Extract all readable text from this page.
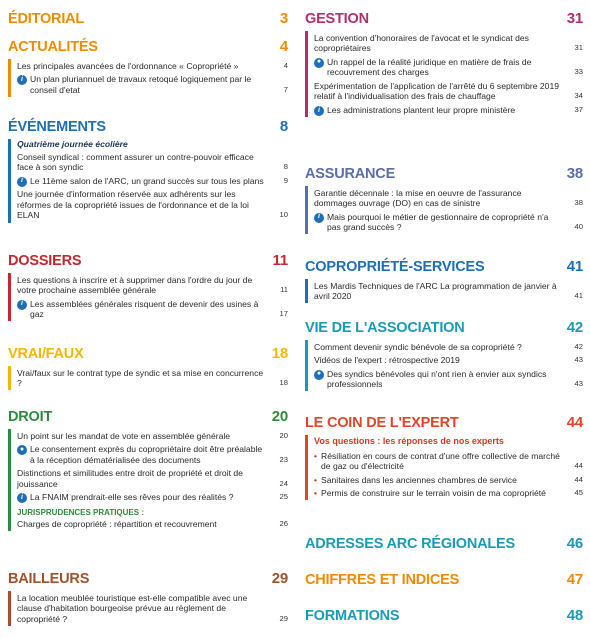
ÉDITORIAL	3
ACTUALITÉS	4
Les principales avancées de l'ordonnance « Copropriété »	4
i Un plan pluriannuel de travaux retoqué logiquement par le conseil d'etat	7
ÉVÉNEMENTS	8
Quatrième journée écolière
Conseil syndical : comment assurer un contre-pouvoir efficace face à son syndic	8
i Le 11ème salon de l'ARC, un grand succès sur tous les plans	9
Une journée d'information réservée aux adhérents sur les réformes de la copropriété issues de l'ordonnance et de la loi ELAN	10
DOSSIERS	11
Les questions à inscrire et à supprimer dans l'ordre du jour de votre prochaine assemblée générale	11
i Les assemblées générales risquent de devenir des usines à gaz	17
VRAI/FAUX	18
Vrai/faux sur le contrat type de syndic et sa mise en concurrence ?	18
DROIT	20
Un point sur les mandat de vote en assemblée générale	20
● Le consentement exprès du copropriétaire doit être préalable à la réception dématérialisée des documents	23
Distinctions et similitudes entre droit de propriété et droit de jouissance	24
i La FNAIM prendrait-elle ses rêves pour des réalités ?	25
JURISPRUDENCES PRATIQUES :
Charges de copropriété : répartition et recouvrement	26
BAILLEURS	29
La location meublée touristique est-elle compatible avec une clause d'habitation bourgeoise prévue au règlement de copropriété ?	29
GESTION	31
La convention d'honoraires de l'avocat et le syndicat des copropriétaires	31
● Un rappel de la réalité juridique en matière de frais de recouvrement des charges	33
Expérimentation de l'application de l'arrêté du 6 septembre 2019 relatif à l'individualisation des frais de chauffage	34
i Les administrations plantent leur propre ministère	37
ASSURANCE	38
Garantie décennale : la mise en oeuvre de l'assurance dommages ouvrage (DO) en cas de sinistre	38
i Mais pourquoi le métier de gestionnaire de copropriété n'a pas grand succès ?	40
COPROPRIÉTÉ-SERVICES	41
Les Mardis Techniques de l'ARC La programmation de janvier à avril 2020	41
VIE DE L'ASSOCIATION	42
Comment devenir syndic bénévole de sa copropriété ?	42
Vidéos de l'expert : rétrospective 2019	43
● Des syndics bénévoles qui n'ont rien à envier aux syndics professionnels	43
LE COIN DE L'EXPERT	44
Vos questions : les réponses de nos experts
• Résiliation en cours de contrat d'une offre collective de marché de gaz ou d'électricité	44
• Sanitaires dans les anciennes chambres de service	44
• Permis de construire sur le terrain voisin de ma copropriété	45
ADRESSES ARC RÉGIONALES	46
CHIFFRES ET INDICES	47
FORMATIONS	48
